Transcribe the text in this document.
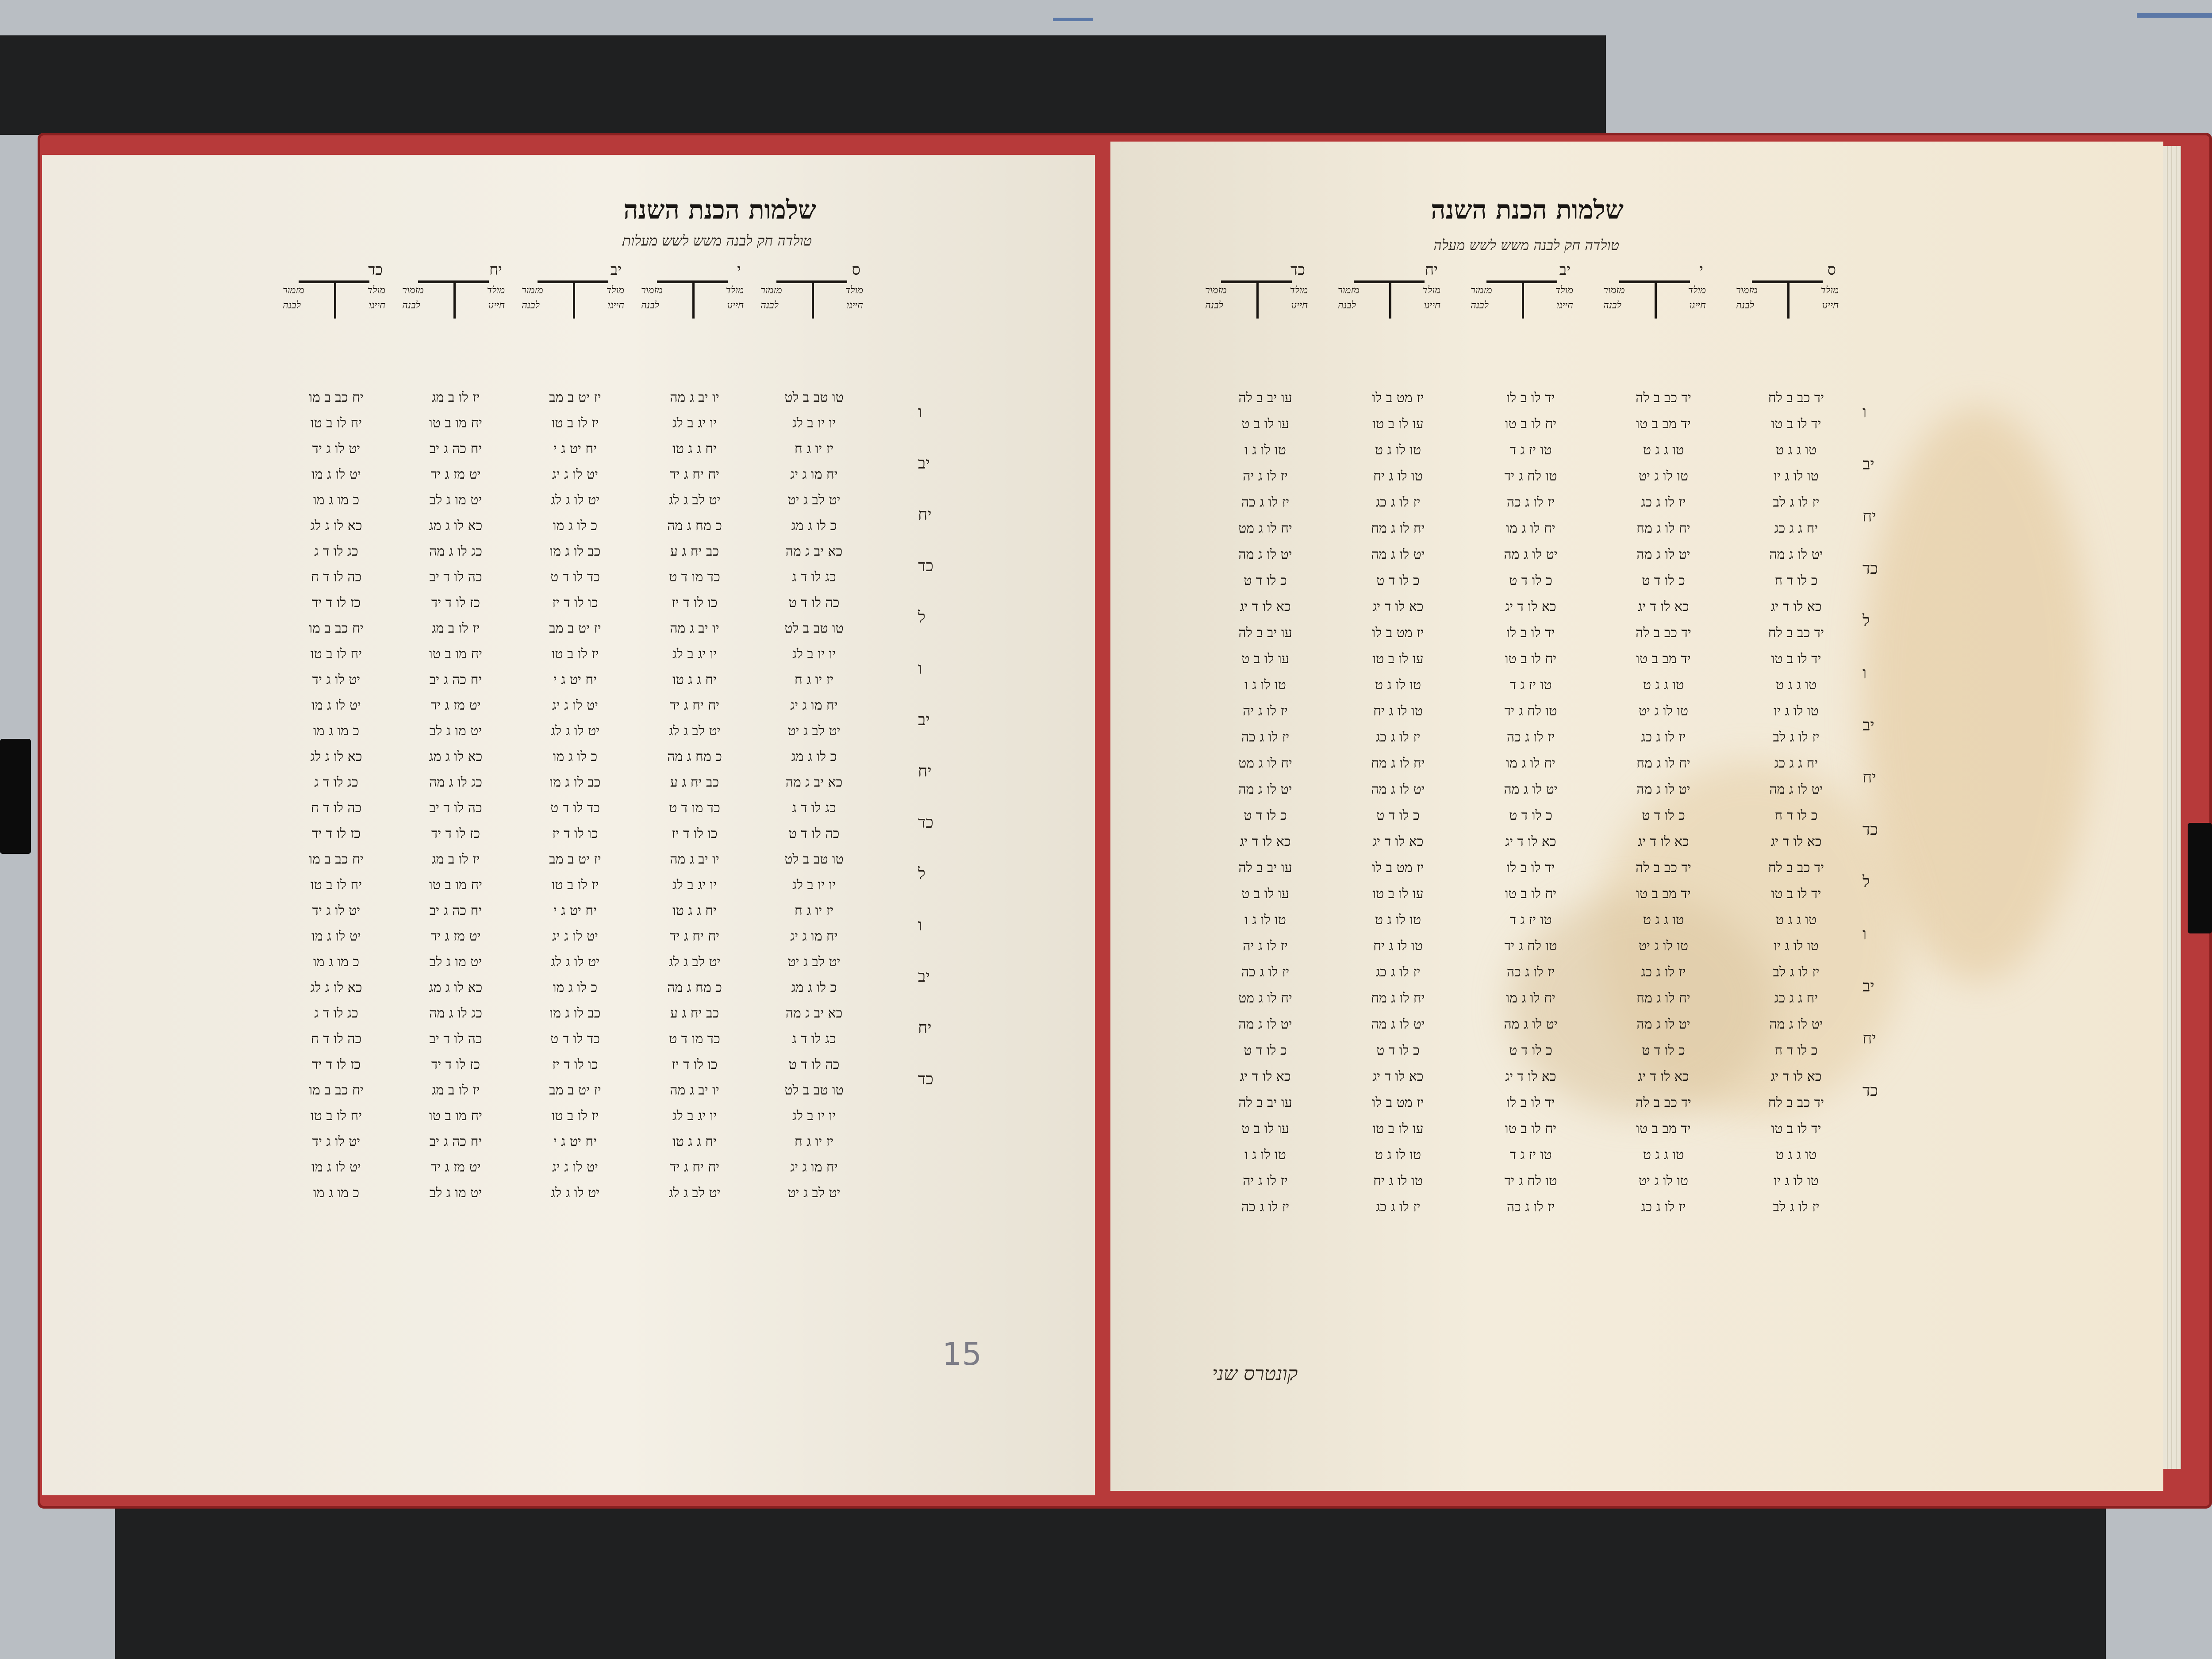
שלמות הכנת השנה
טולדה חק לבנה משש לשש מעלות
ס
מולד
מזמור
חייגו
לבנה
י
מולד
מזמור
חייגו
לבנה
יב
מולד
מזמור
חייגו
לבנה
יח
מולד
מזמור
חייגו
לבנה
כד
מולד
מזמור
חייגו
לבנה
ו
יב
יח
כד
ל
ו
יב
יח
כד
ל
ו
יב
יח
כד
טו טב ב לט
יו יב ג מה
יז יט ב מב
יז לו ב מג
יח כב ב מו
יו יו ב לג
יו יג ב לג
יז לו ב טו
יח מו ב טו
יח לו ב טו
יז יו ג ח
יח ג ג טו
יח יט ג י
יח כה ג יב
יט לו ג יד
יח מו ג יג
יח יח ג יד
יט לו ג יג
יט מז ג יד
יט לו ג מו
יט לב ג יט
יט לב ג לג
יט לו ג לג
יט מו ג לב
כ מו ג מו
כ לו ג מג
כ מח ג מה
כ לו ג מו
כא לו ג מג
כא לו ג לג
כא יב ג מה
כב יח ג ע
כב לו ג מו
כג לו ג מה
כג לו ד ג
כג לו ד ג
כד מו ד ט
כד לו ד ט
כה לו ד יב
כה לו ד ח
כה לו ד ט
כו לו ד יז
כו לו ד יז
כז לו ד יד
כז לו ד יד
טו טב ב לט
יו יב ג מה
יז יט ב מב
יז לו ב מג
יח כב ב מו
יו יו ב לג
יו יג ב לג
יז לו ב טו
יח מו ב טו
יח לו ב טו
יז יו ג ח
יח ג ג טו
יח יט ג י
יח כה ג יב
יט לו ג יד
יח מו ג יג
יח יח ג יד
יט לו ג יג
יט מז ג יד
יט לו ג מו
יט לב ג יט
יט לב ג לג
יט לו ג לג
יט מו ג לב
כ מו ג מו
כ לו ג מג
כ מח ג מה
כ לו ג מו
כא לו ג מג
כא לו ג לג
כא יב ג מה
כב יח ג ע
כב לו ג מו
כג לו ג מה
כג לו ד ג
כג לו ד ג
כד מו ד ט
כד לו ד ט
כה לו ד יב
כה לו ד ח
כה לו ד ט
כו לו ד יז
כו לו ד יז
כז לו ד יד
כז לו ד יד
טו טב ב לט
יו יב ג מה
יז יט ב מב
יז לו ב מג
יח כב ב מו
יו יו ב לג
יו יג ב לג
יז לו ב טו
יח מו ב טו
יח לו ב טו
יז יו ג ח
יח ג ג טו
יח יט ג י
יח כה ג יב
יט לו ג יד
יח מו ג יג
יח יח ג יד
יט לו ג יג
יט מז ג יד
יט לו ג מו
יט לב ג יט
יט לב ג לג
יט לו ג לג
יט מו ג לב
כ מו ג מו
כ לו ג מג
כ מח ג מה
כ לו ג מו
כא לו ג מג
כא לו ג לג
כא יב ג מה
כב יח ג ע
כב לו ג מו
כג לו ג מה
כג לו ד ג
כג לו ד ג
כד מו ד ט
כד לו ד ט
כה לו ד יב
כה לו ד ח
כה לו ד ט
כו לו ד יז
כו לו ד יז
כז לו ד יד
כז לו ד יד
טו טב ב לט
יו יב ג מה
יז יט ב מב
יז לו ב מג
יח כב ב מו
יו יו ב לג
יו יג ב לג
יז לו ב טו
יח מו ב טו
יח לו ב טו
יז יו ג ח
יח ג ג טו
יח יט ג י
יח כה ג יב
יט לו ג יד
יח מו ג יג
יח יח ג יד
יט לו ג יג
יט מז ג יד
יט לו ג מו
יט לב ג יט
יט לב ג לג
יט לו ג לג
יט מו ג לב
כ מו ג מו
15
שלמות הכנת השנה
טולדה חק לבנה משש לשש מעלה
ס
מולד
מזמור
חייגו
לבנה
י
מולד
מזמור
חייגו
לבנה
יב
מולד
מזמור
חייגו
לבנה
יח
מולד
מזמור
חייגו
לבנה
כד
מולד
מזמור
חייגו
לבנה
ו
יב
יח
כד
ל
ו
יב
יח
כד
ל
ו
יב
יח
כד
יד כב ב לח
יד כב ב לה
יד לו ב לו
יז מט ב לו
עו יב ב לה
יד לו ב טו
יד מב ב טו
יח לו ב טו
עו לו ב טו
עו לו ב ט
טו ג ג ט
טו ג ג ט
טו יז ג ד
טו לו ג ט
טו לו ג ו
טו לו ג יו
טו לו ג יט
טו לח ג יד
טו לו ג יח
יז לו ג יה
יז לו ג לב
יז לו ג כג
יז לו ג כה
יז לו ג כג
יז לו ג כה
יח ג ג כג
יח לו ג מח
יח לו ג מו
יח לו ג מח
יח לו ג מט
יט לו ג מה
יט לו ג מה
יט לו ג מה
יט לו ג מה
יט לו ג מה
כ לו ד ח
כ לו ד ט
כ לו ד ט
כ לו ד ט
כ לו ד ט
כא לו ד יג
כא לו ד יג
כא לו ד יג
כא לו ד יג
כא לו ד יג
יד כב ב לח
יד כב ב לה
יד לו ב לו
יז מט ב לו
עו יב ב לה
יד לו ב טו
יד מב ב טו
יח לו ב טו
עו לו ב טו
עו לו ב ט
טו ג ג ט
טו ג ג ט
טו יז ג ד
טו לו ג ט
טו לו ג ו
טו לו ג יו
טו לו ג יט
טו לח ג יד
טו לו ג יח
יז לו ג יה
יז לו ג לב
יז לו ג כג
יז לו ג כה
יז לו ג כג
יז לו ג כה
יח ג ג כג
יח לו ג מח
יח לו ג מו
יח לו ג מח
יח לו ג מט
יט לו ג מה
יט לו ג מה
יט לו ג מה
יט לו ג מה
יט לו ג מה
כ לו ד ח
כ לו ד ט
כ לו ד ט
כ לו ד ט
כ לו ד ט
כא לו ד יג
כא לו ד יג
כא לו ד יג
כא לו ד יג
כא לו ד יג
יד כב ב לח
יד כב ב לה
יד לו ב לו
יז מט ב לו
עו יב ב לה
יד לו ב טו
יד מב ב טו
יח לו ב טו
עו לו ב טו
עו לו ב ט
טו ג ג ט
טו ג ג ט
טו יז ג ד
טו לו ג ט
טו לו ג ו
טו לו ג יו
טו לו ג יט
טו לח ג יד
טו לו ג יח
יז לו ג יה
יז לו ג לב
יז לו ג כג
יז לו ג כה
יז לו ג כג
יז לו ג כה
יח ג ג כג
יח לו ג מח
יח לו ג מו
יח לו ג מח
יח לו ג מט
יט לו ג מה
יט לו ג מה
יט לו ג מה
יט לו ג מה
יט לו ג מה
כ לו ד ח
כ לו ד ט
כ לו ד ט
כ לו ד ט
כ לו ד ט
כא לו ד יג
כא לו ד יג
כא לו ד יג
כא לו ד יג
כא לו ד יג
יד כב ב לח
יד כב ב לה
יד לו ב לו
יז מט ב לו
עו יב ב לה
יד לו ב טו
יד מב ב טו
יח לו ב טו
עו לו ב טו
עו לו ב ט
טו ג ג ט
טו ג ג ט
טו יז ג ד
טו לו ג ט
טו לו ג ו
טו לו ג יו
טו לו ג יט
טו לח ג יד
טו לו ג יח
יז לו ג יה
יז לו ג לב
יז לו ג כג
יז לו ג כה
יז לו ג כג
יז לו ג כה
קונטרס שני
